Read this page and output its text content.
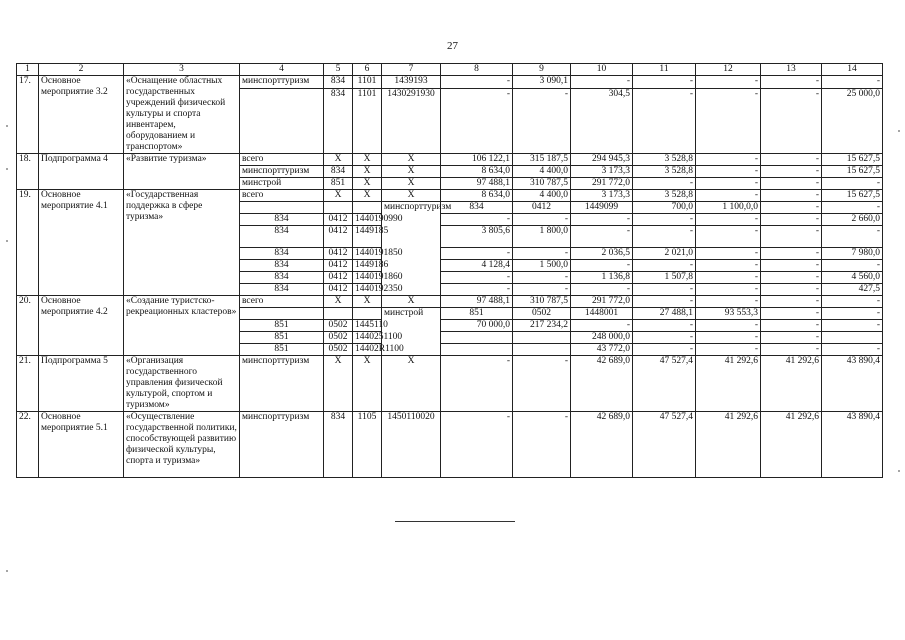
27
1	2	3	4	5	6	7	8	9	10	11	12	13	14	
17.	Основное мероприятие 3.2	«Оснащение областных государственных учреждений физической культуры и спорта инвентарем, оборудованием и транспортом»	минспорттуризм	834	1101	1439193	-	3 090,1	-	-	-	-	-	
				834	1101	1430291930	-	-	304,5	-	-	-	25 000,0	
18.	Подпрограмма 4	«Развитие туризма»	всего	X	X	X	106 122,1	315 187,5	294 945,3	3 528,8	-	-	15 627,5	
			минспорттуризм	834	X	X	8 634,0	4 400,0	3 173,3	3 528,8	-	-	15 627,5	
			минстрой	851	X	X	97 488,1	310 787,5	291 772,0	-	-	-	-	
19.	Основное мероприятие 4.1	«Государственная поддержка в сфере туризма»	всего	X	X	X	8 634,0	4 400,0	3 173,3	3 528,8	-	-	15 627,5	
						минспорттуризм	834	0412	1449099	700,0	1 100,0,0	-	-			
			834	0412	1440190990		-	-	-	-	-	-	2 660,0	
			834	0412	1449185		3 805,6	1 800,0	-	-	-	-	-	
			834	0412	1440191850		-	-	2 036,5	2 021,0	-	-	7 980,0	
			834	0412	1449186		4 128,4	1 500,0	-	-	-	-	-	
			834	0412	1440191860		-	-	1 136,8	1 507,8	-	-	4 560,0	
			834	0412	1440192350		-	-	-	-	-	-	427,5	
20.	Основное мероприятие 4.2	«Создание туристско-рекреационных кластеров»	всего	X	X	X	97 488,1	310 787,5	291 772,0	-	-	-	-	
						минстрой	851	0502	1448001	27 488,1	93 553,3	-	-			
			851	0502	1445110		70 000,0	217 234,2	-	-	-	-	-	
			851	0502	1440251100				248 000,0	-	-	-		
			851	0502	14402R1100				43 772,0	-	-	-	-	
21.	Подпрограмма 5	«Организация государственного управления физической культурой, спортом и туризмом»	минспорттуризм	X	X	X	-	-	42 689,0	47 527,4	41 292,6	41 292,6	43 890,4	
22.	Основное мероприятие 5.1	«Осуществление государственной политики, способствующей развитию физической культуры, спорта и туризма»	минспорттуризм	834	1105	1450110020	-	-	42 689,0	47 527,4	41 292,6	41 292,6	43 890,4	
